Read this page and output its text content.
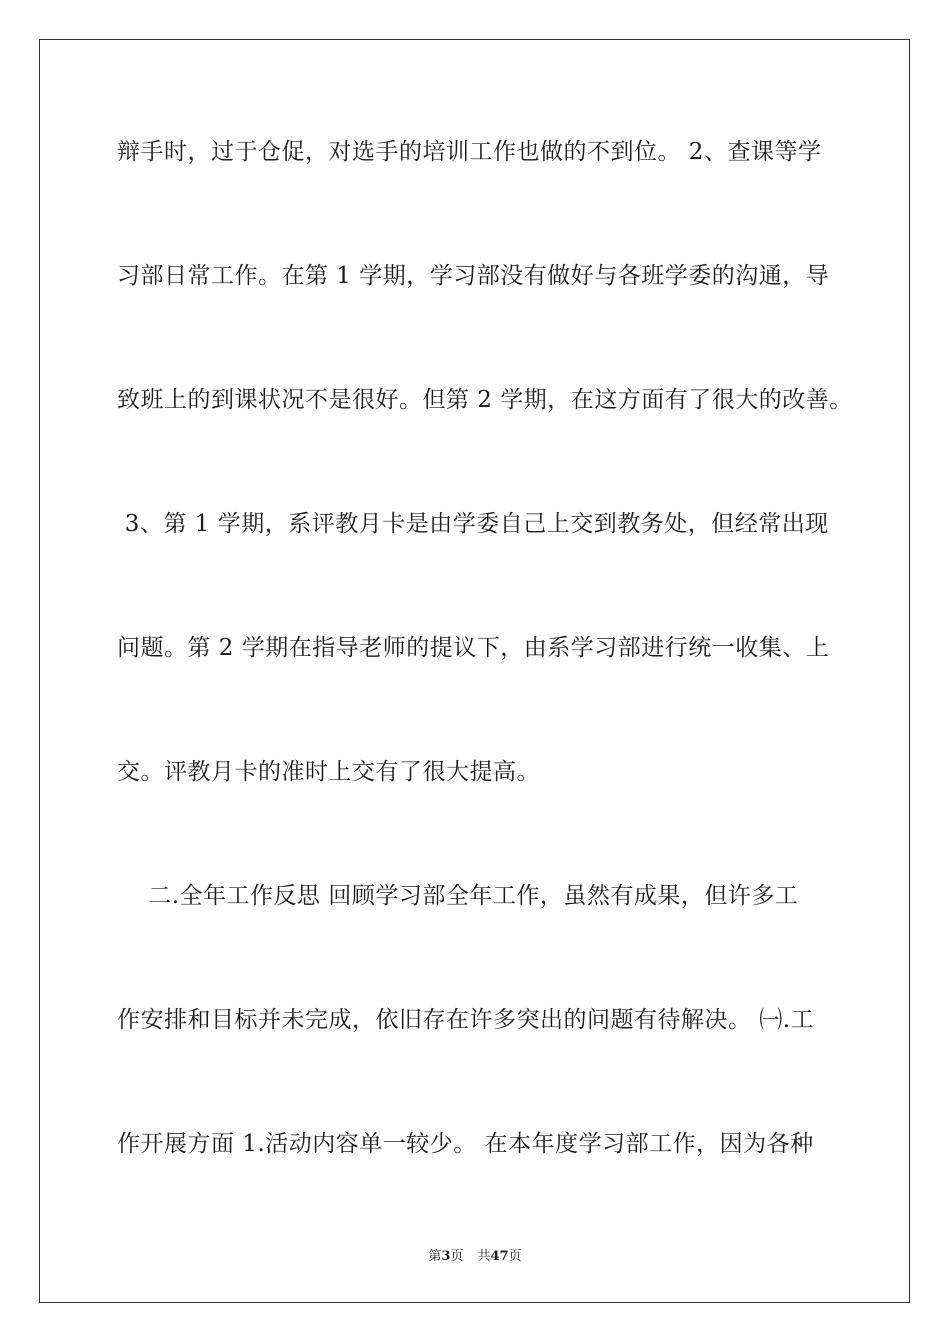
辩手时，过于仓促，对选手的培训工作也做的不到位。 2、查课等学
习部日常工作。在第 1 学期，学习部没有做好与各班学委的沟通，导
致班上的到课状况不是很好。但第 2 学期，在这方面有了很大的改善。
3、第 1 学期，系评教月卡是由学委自己上交到教务处，但经常出现
问题。第 2 学期在指导老师的提议下，由系学习部进行统一收集、上
交。评教月卡的准时上交有了很大提高。
二.全年工作反思 回顾学习部全年工作，虽然有成果，但许多工
作安排和目标并未完成，依旧存在许多突出的问题有待解决。 ㈠.工
作开展方面 1.活动内容单一较少。 在本年度学习部工作，因为各种
第3页 共47页
